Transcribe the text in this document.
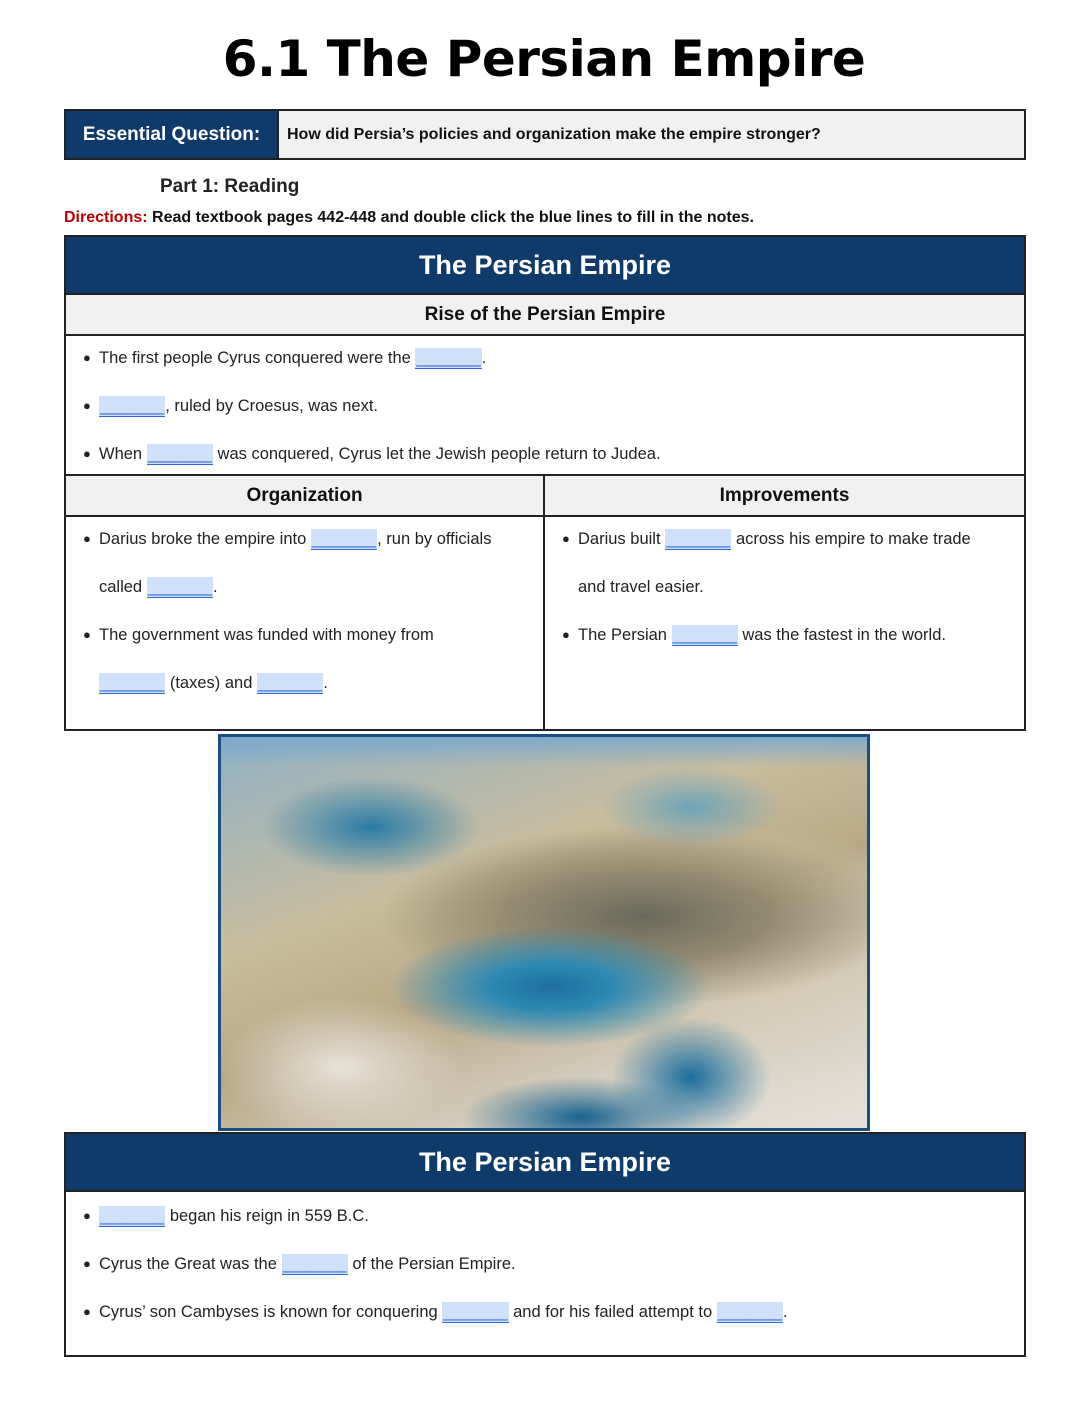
6.1 The Persian Empire
Essential Question:	How did Persia’s policies and organization make the empire stronger?
Part 1: Reading
Directions: Read textbook pages 442-448 and double click the blue lines to fill in the notes.
The Persian Empire
Rise of the Persian Empire
● The first people Cyrus conquered were the _______.
● _______, ruled by Croesus, was next.
● When _______ was conquered, Cyrus let the Jewish people return to Judea.
Organization
● Darius broke the empire into _______, run by officials
called _______.
● The government was funded with money from
_______ (taxes) and _______.
Improvements
● Darius built _______ across his empire to make trade
and travel easier.
● The Persian _______ was the fastest in the world.
The Persian Empire
● _______ began his reign in 559 B.C.
● Cyrus the Great was the _______ of the Persian Empire.
● Cyrus’ son Cambyses is known for conquering _______ and for his failed attempt to _______.
